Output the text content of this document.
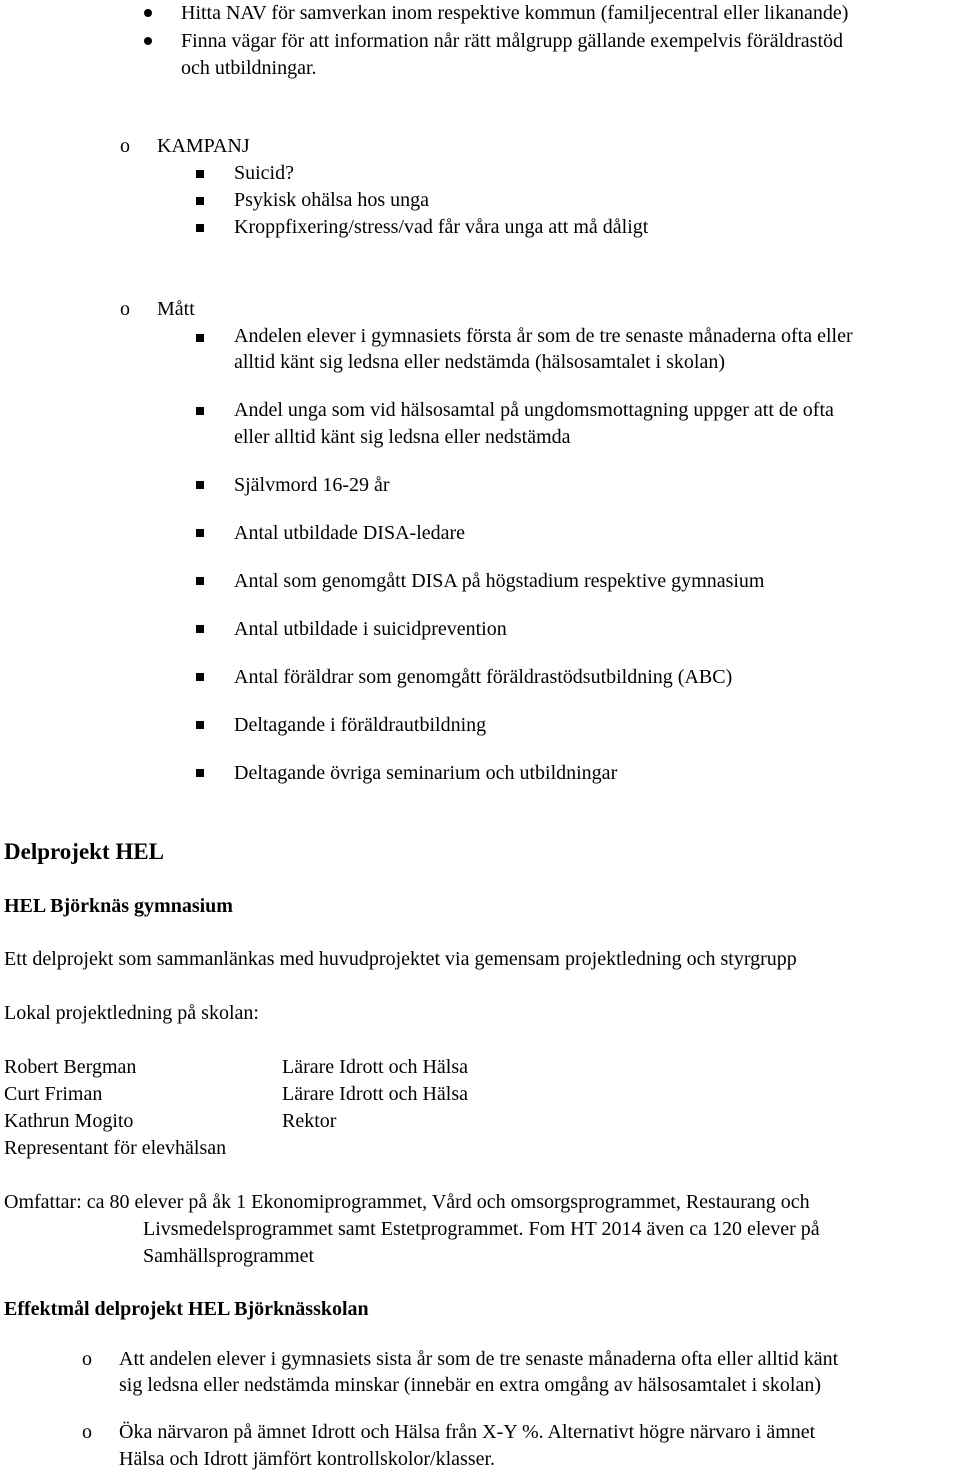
Hitta NAV för samverkan inom respektive kommun (familjecentral eller likanande)
Finna vägar för att information når rätt målgrupp gällande exempelvis föräldrastöd
och utbildningar.
o KAMPANJ
Suicid?
Psykisk ohälsa hos unga
Kroppfixering/stress/vad får våra unga att må dåligt
o Mått
Andelen elever i gymnasiets första år som de tre senaste månaderna ofta eller
alltid känt sig ledsna eller nedstämda (hälsosamtalet i skolan)
Andel unga som vid hälsosamtal på ungdomsmottagning uppger att de ofta
eller alltid känt sig ledsna eller nedstämda
Självmord 16-29 år
Antal utbildade DISA-ledare
Antal som genomgått DISA på högstadium respektive gymnasium
Antal utbildade i suicidprevention
Antal föräldrar som genomgått föräldrastödsutbildning (ABC)
Deltagande i föräldrautbildning
Deltagande övriga seminarium och utbildningar
Delprojekt HEL
HEL Björknäs gymnasium
Ett delprojekt som sammanlänkas med huvudprojektet via gemensam projektledning och styrgrupp
Lokal projektledning på skolan:
Robert Bergman	Lärare Idrott och Hälsa
Curt Friman	Lärare Idrott och Hälsa
Kathrun Mogito	Rektor
Representant för elevhälsan
Omfattar: ca 80 elever på åk 1 Ekonomiprogrammet, Vård och omsorgsprogrammet, Restaurang och
Livsmedelsprogrammet samt Estetprogrammet. Fom HT 2014 även ca 120 elever på
Samhällsprogrammet
Effektmål delprojekt HEL Björknässkolan
o Att andelen elever i gymnasiets sista år som de tre senaste månaderna ofta eller alltid känt
sig ledsna eller nedstämda minskar (innebär en extra omgång av hälsosamtalet i skolan)
o Öka närvaron på ämnet Idrott och Hälsa från X-Y %. Alternativt högre närvaro i ämnet
Hälsa och Idrott jämfört kontrollskolor/klasser.
